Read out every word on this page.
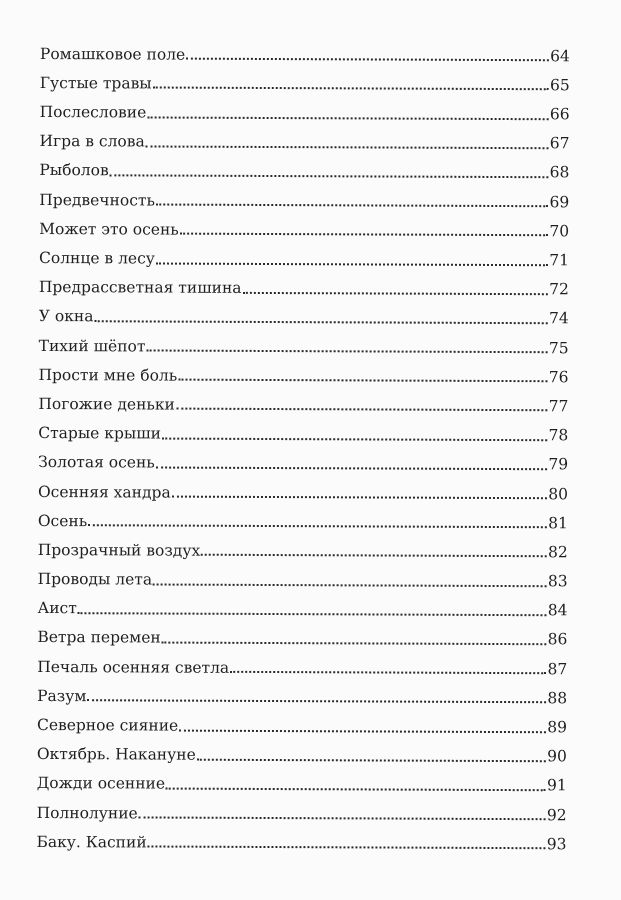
Ромашковое поле	64
Густые травы	65
Послесловие	66
Игра в слова	67
Рыболов	68
Предвечность	69
Может это осень	70
Солнце в лесу	71
Предрассветная тишина	72
У окна	74
Тихий шёпот	75
Прости мне боль	76
Погожие деньки	77
Старые крыши	78
Золотая осень	79
Осенняя хандра	80
Осень	81
Прозрачный воздух	82
Проводы лета	83
Аист	84
Ветра перемен	86
Печаль осенняя светла	87
Разум	88
Северное сияние	89
Октябрь. Накануне	90
Дожди осенние	91
Полнолуние	92
Баку. Каспий	93
